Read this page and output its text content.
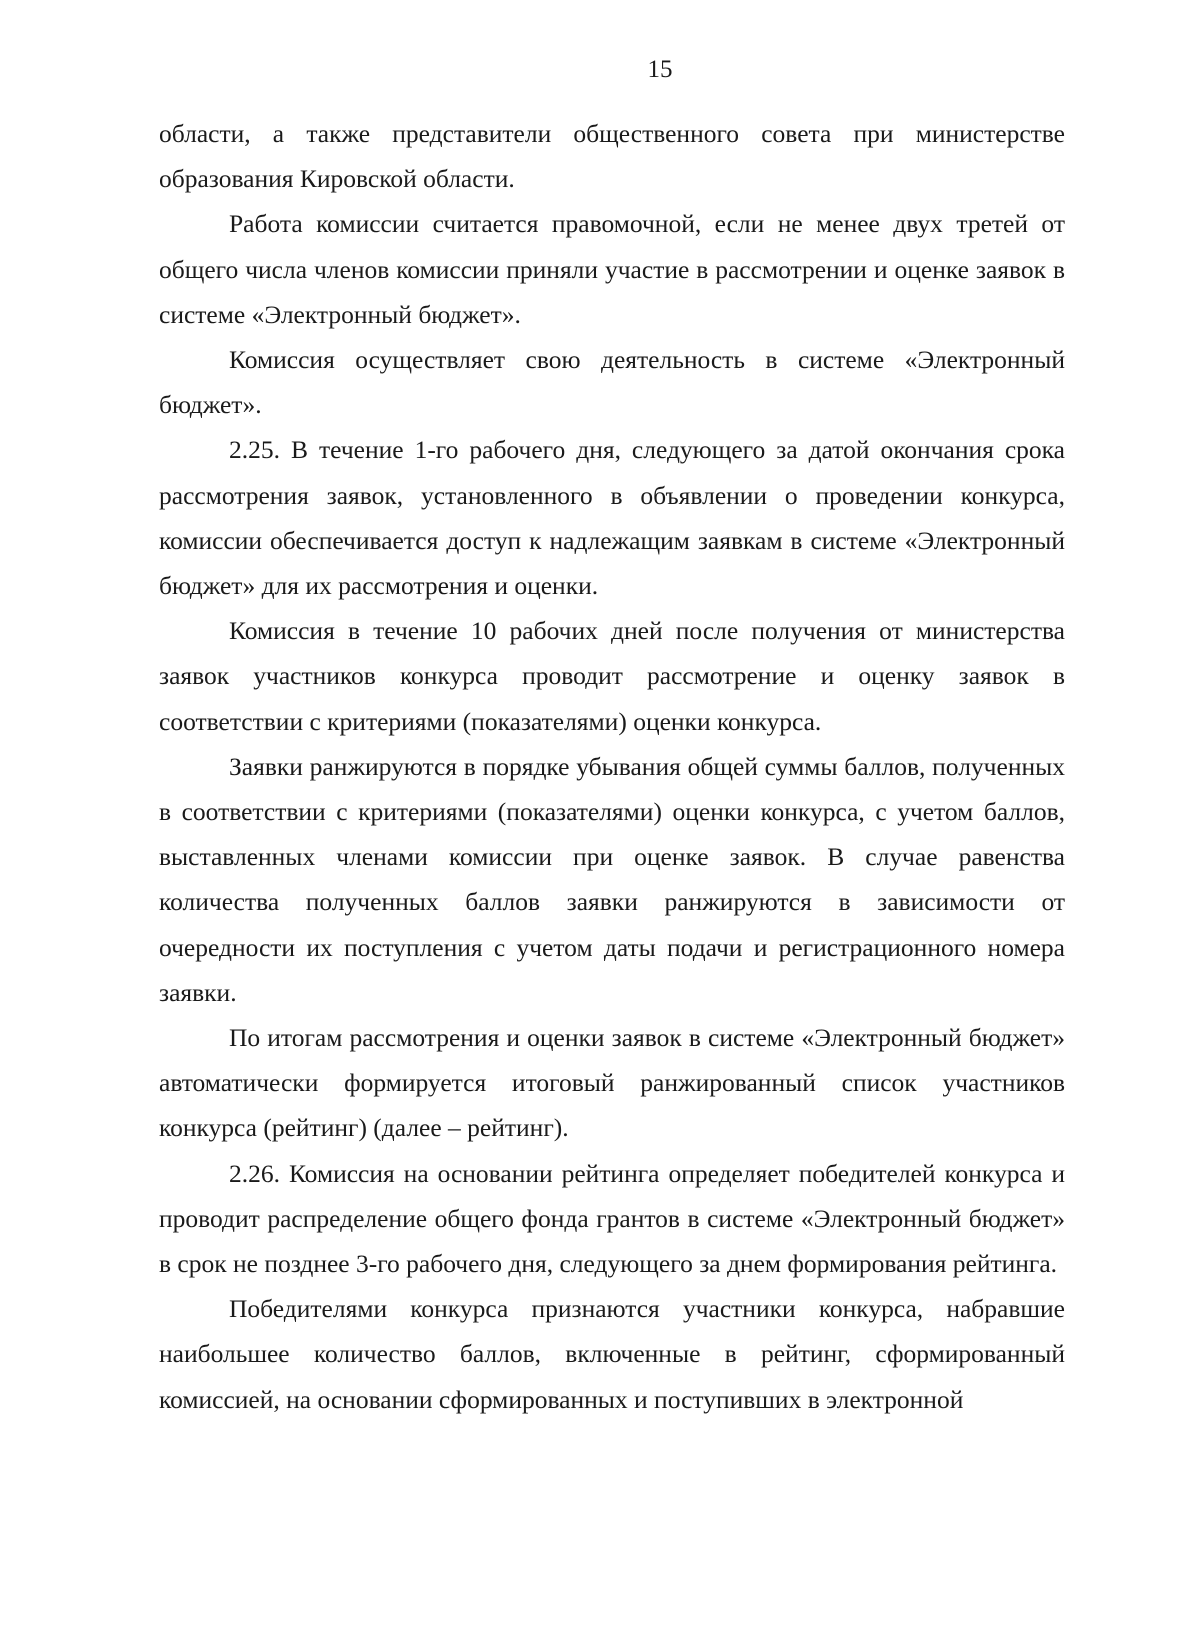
15

области, а также представители общественного совета при министерстве образования Кировской области.

Работа комиссии считается правомочной, если не менее двух третей от общего числа членов комиссии приняли участие в рассмотрении и оценке заявок в системе «Электронный бюджет».

Комиссия осуществляет свою деятельность в системе «Электронный бюджет».

2.25. В течение 1-го рабочего дня, следующего за датой окончания срока рассмотрения заявок, установленного в объявлении о проведении конкурса, комиссии обеспечивается доступ к надлежащим заявкам в системе «Электронный бюджет» для их рассмотрения и оценки.

Комиссия в течение 10 рабочих дней после получения от министерства заявок участников конкурса проводит рассмотрение и оценку заявок в соответствии с критериями (показателями) оценки конкурса.

Заявки ранжируются в порядке убывания общей суммы баллов, полученных в соответствии с критериями (показателями) оценки конкурса, с учетом баллов, выставленных членами комиссии при оценке заявок. В случае равенства количества полученных баллов заявки ранжируются в зависимости от очередности их поступления с учетом даты подачи и регистрационного номера заявки.

По итогам рассмотрения и оценки заявок в системе «Электронный бюджет» автоматически формируется итоговый ранжированный список участников конкурса (рейтинг) (далее – рейтинг).

2.26. Комиссия на основании рейтинга определяет победителей конкурса и проводит распределение общего фонда грантов в системе «Электронный бюджет» в срок не позднее 3-го рабочего дня, следующего за днем формирования рейтинга.

Победителями конкурса признаются участники конкурса, набравшие наибольшее количество баллов, включенные в рейтинг, сформированный комиссией, на основании сформированных и поступивших в электронной
